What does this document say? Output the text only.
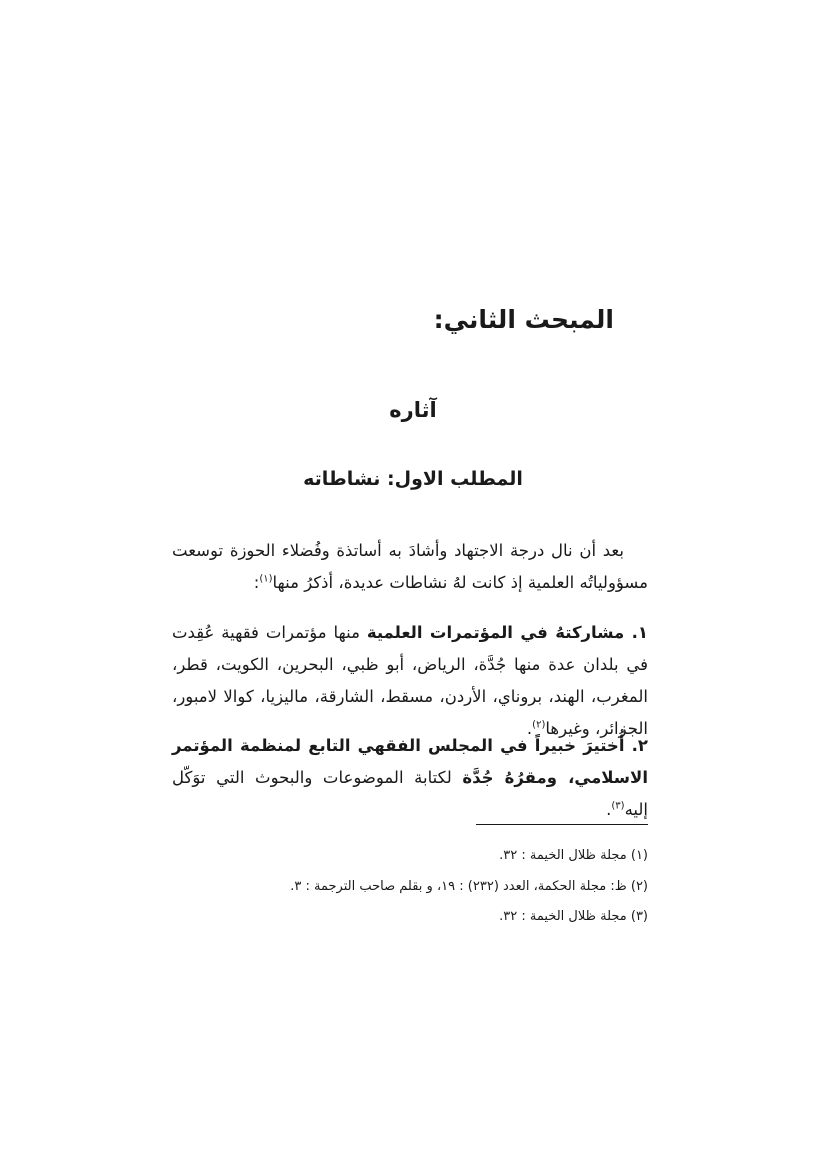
المبحث الثاني:
آثاره
المطلب الاول: نشاطاته

بعد أن نال درجة الاجتهاد وأشادَ به أساتذة وفُضلاء الحوزة توسعت مسؤولياتُه العلمية إذ كانت لهُ نشاطات عديدة، أذكرُ منها$^{(١)}$:

١. مشاركتهُ في المؤتمرات العلمية منها مؤتمرات فقهية عُقِدت في بلدان عدة منها جُدَّة، الرياض، أبو ظبي، البحرين، الكويت، قطر، المغرب، الهند، بروناي، الأردن، مسقط، الشارقة، ماليزيا، كوالا لامبور، الجزائر، وغيرها$^{(٢)}$.

٢. أُختيرَ خبيراً في المجلس الفقهي التابع لمنظمة المؤتمر الاسلامي، ومقرُهُ جُدَّة لكتابة الموضوعات والبحوث التي توَكّل إليه$^{(٣)}$.

(١) مجلة ظلال الخيمة : ٣٢.
(٢) ظ: مجلة الحكمة، العدد (٢٣٢) : ١٩، و بقلم صاحب الترجمة : ٣.
(٣) مجلة ظلال الخيمة : ٣٢.
